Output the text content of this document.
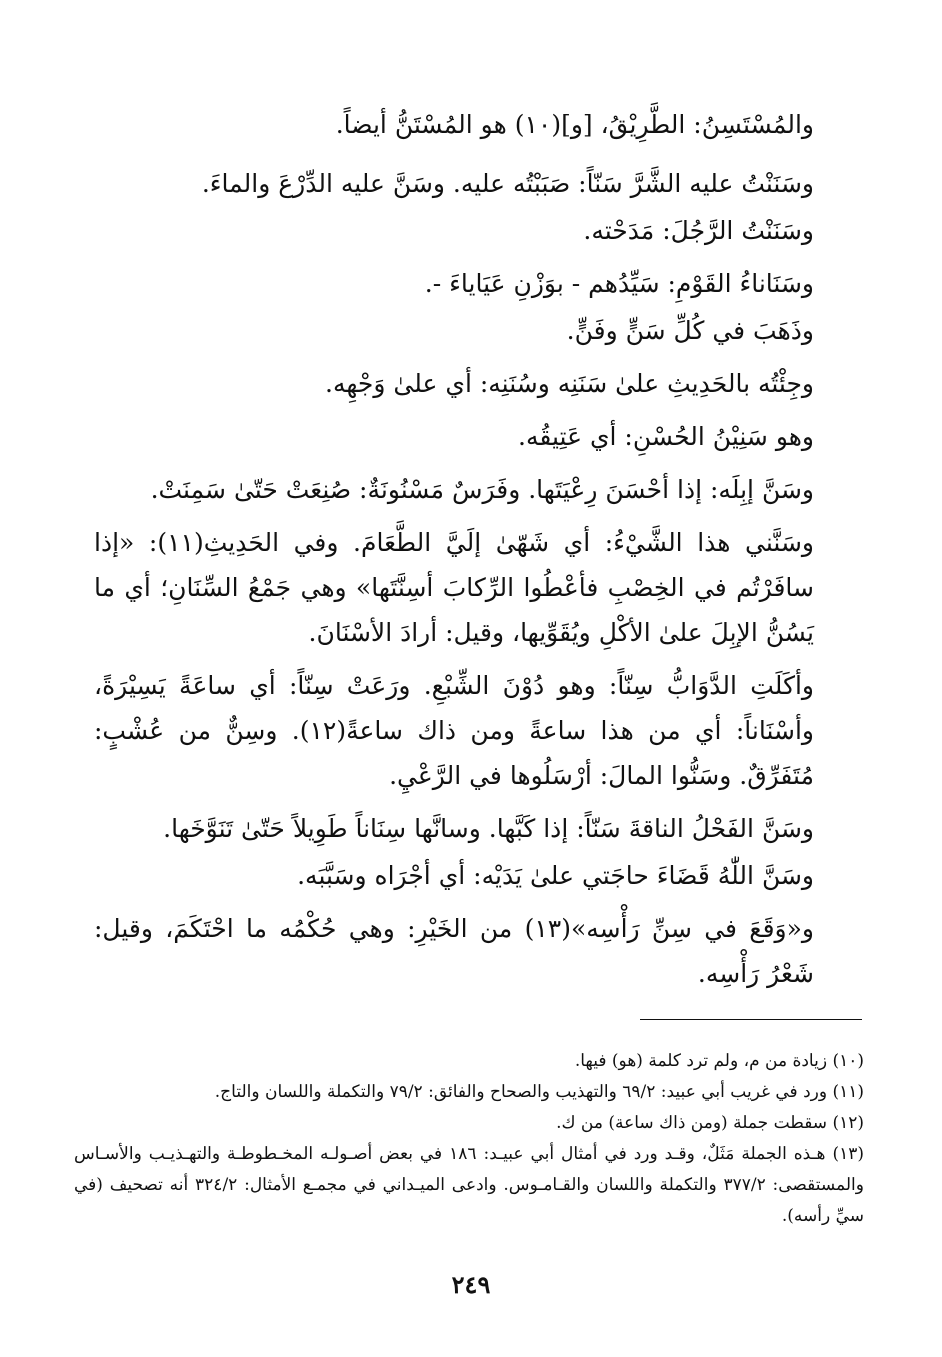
والمُسْتَسِنُ: الطَّرِيْقُ، [و](١٠) هو المُسْتَنُّ أيضاً.

وسَنَنْتُ عليه الشَّرَّ سَنّاً: صَبَبْتُه عليه. وسَنَّ عليه الدِّرْعَ والماءَ.

وسَنَنْتُ الرَّجُلَ: مَدَحْته.

وسَنَاناءُ القَوْمِ: سَيِّدُهم - بوَزْنِ عَيَاياءَ -.

وذَهَبَ في كُلِّ سَنٍّ وفَنٍّ.

وجِئْتُه بالحَدِيثِ علىٰ سَنَنِه وسُنَنِه: أي علىٰ وَجْهِه.

وهو سَنِيْنُ الحُسْنِ: أي عَتِيقُه.

وسَنَّ إبِلَه: إذا أحْسَنَ رِعْيَتَها. وفَرَسٌ مَسْنُونَةٌ: صُنِعَتْ حَتّىٰ سَمِنَتْ.

وسَنَّني هذا الشَّيْءُ: أي شَهّىٰ إلَيَّ الطَّعَامَ. وفي الحَدِيثِ(١١): «إذا سافَرْتُم في الخِصْبِ فأعْطُوا الرِّكابَ أسِنَّتَها» وهي جَمْعُ السِّنَانِ؛ أي ما يَسُنُّ الإبِلَ علىٰ الأكْلِ ويُقَوِّيها، وقيل: أرادَ الأسْنَانَ.

وأكَلَتِ الدَّوَابُّ سِنّاً: وهو دُوْنَ الشِّبْعِ. ورَعَتْ سِنّاً: أي ساعَةً يَسِيْرَةً، وأسْنَاناً: أي من هذا ساعةً ومن ذاك ساعةً(١٢). وسِنٌّ من عُشْبٍ: مُتَفَرِّقٌ. وسَنُّوا المالَ: أرْسَلُوها في الرَّعْيِ.

وسَنَّ الفَحْلُ الناقةَ سَنّاً: إذا كَبَّها. وسانَّها سِنَاناً طَوِيلاً حَتّىٰ تَنَوَّخَها.

وسَنَّ اللّٰهُ قَضَاءَ حاجَتي علىٰ يَدَيْه: أي أجْرَاه وسَبَّبَه.

و«وَقَعَ في سِنِّ رَأْسِه»(١٣) من الخَيْرِ: وهي حُكْمُه ما احْتَكَمَ، وقيل: شَعْرُ رَأْسِه.

(١٠) زيادة من م، ولم ترد كلمة (هو) فيها.

(١١) ورد في غريب أبي عبيد: ٦٩/٢ والتهذيب والصحاح والفائق: ٧٩/٢ والتكملة واللسان والتاج.

(١٢) سقطت جملة (ومن ذاك ساعة) من ك.

(١٣) هـذه الجملة مَثَلٌ، وقـد ورد في أمثال أبي عبيـد: ١٨٦ في بعض أصـولـه المخـطوطـة والتهـذيـب والأسـاس والمستقصى: ٣٧٧/٢ والتكملة واللسان والقـامـوس. وادعى الميـداني في مجمـع الأمثال: ٣٢٤/٢ أنه تصحيف (في سيِّ رأسه).

٢٤٩
